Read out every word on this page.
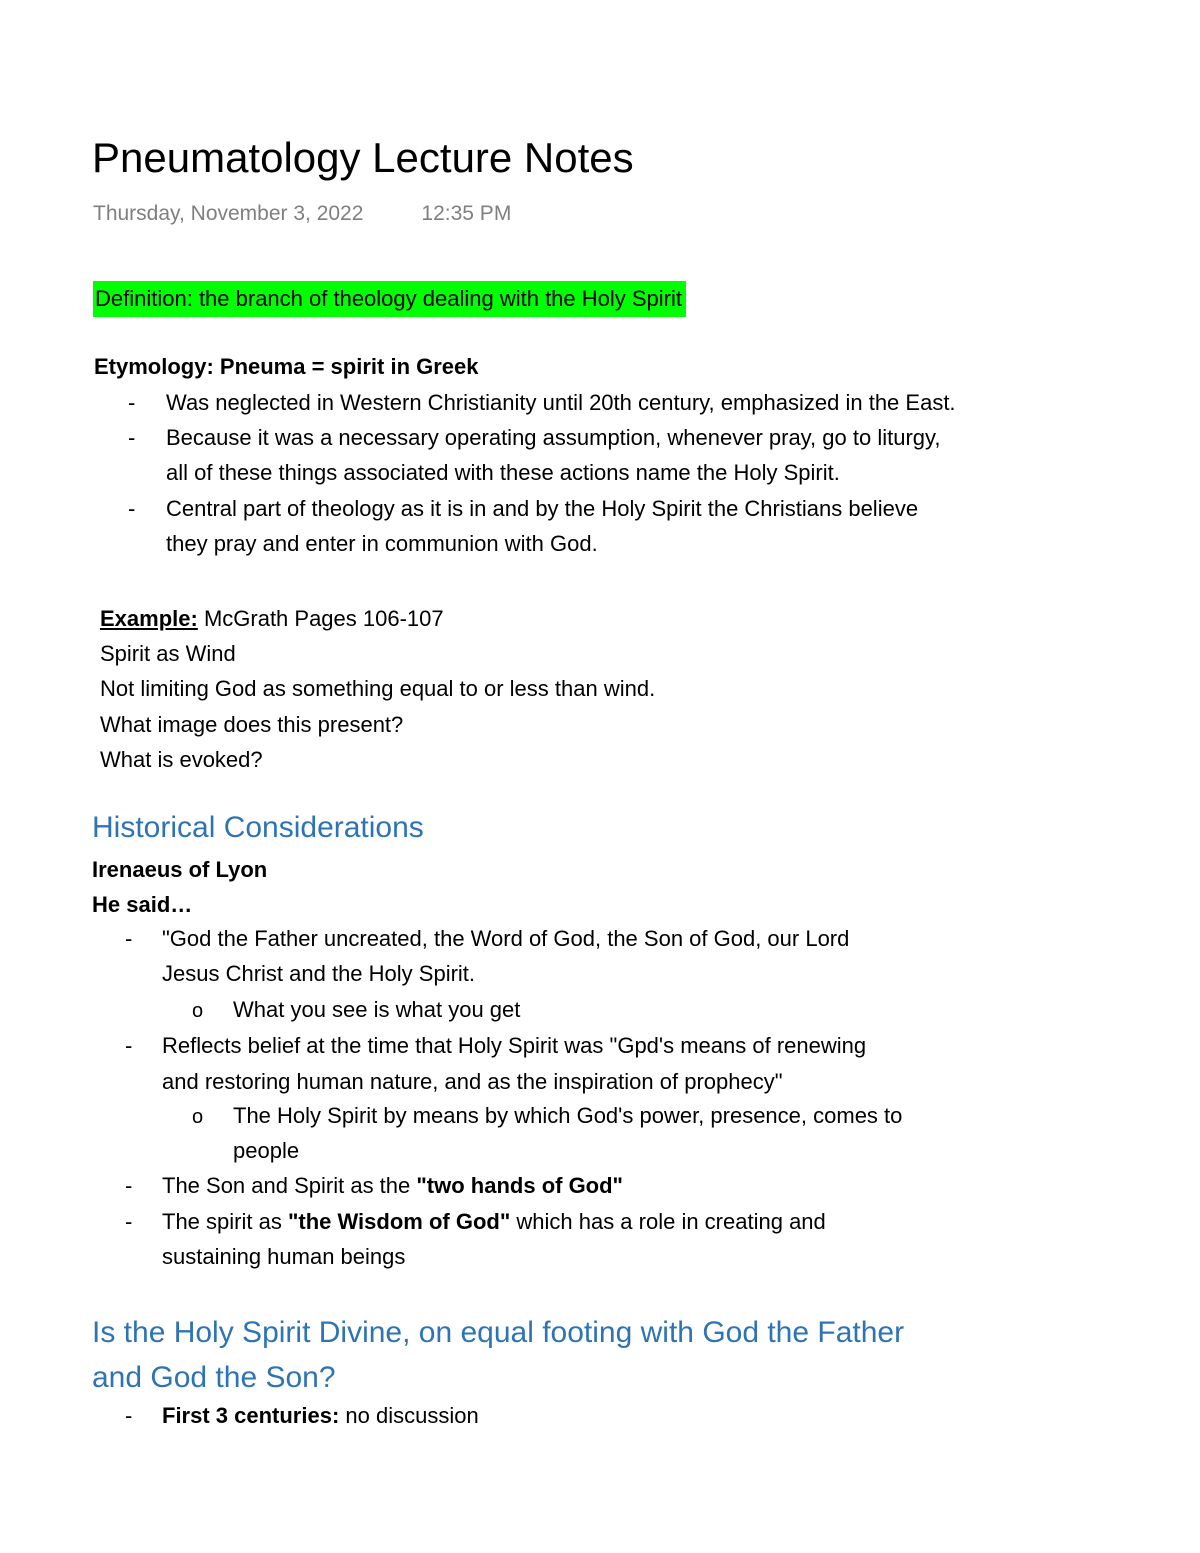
Pneumatology Lecture Notes
Thursday, November 3, 2022	12:35 PM
Definition: the branch of theology dealing with the Holy Spirit
Etymology: Pneuma = spirit in Greek
- Was neglected in Western Christianity until 20th century, emphasized in the East.
- Because it was a necessary operating assumption, whenever pray, go to liturgy,
all of these things associated with these actions name the Holy Spirit.
- Central part of theology as it is in and by the Holy Spirit the Christians believe
they pray and enter in communion with God.
Example: McGrath Pages 106-107
Spirit as Wind
Not limiting God as something equal to or less than wind.
What image does this present?
What is evoked?
Historical Considerations
Irenaeus of Lyon
He said…
- "God the Father uncreated, the Word of God, the Son of God, our Lord
Jesus Christ and the Holy Spirit.
o What you see is what you get
- Reflects belief at the time that Holy Spirit was "Gpd's means of renewing
and restoring human nature, and as the inspiration of prophecy"
o The Holy Spirit by means by which God's power, presence, comes to
people
- The Son and Spirit as the "two hands of God"
- The spirit as "the Wisdom of God" which has a role in creating and
sustaining human beings
Is the Holy Spirit Divine, on equal footing with God the Father
and God the Son?
- First 3 centuries: no discussion
